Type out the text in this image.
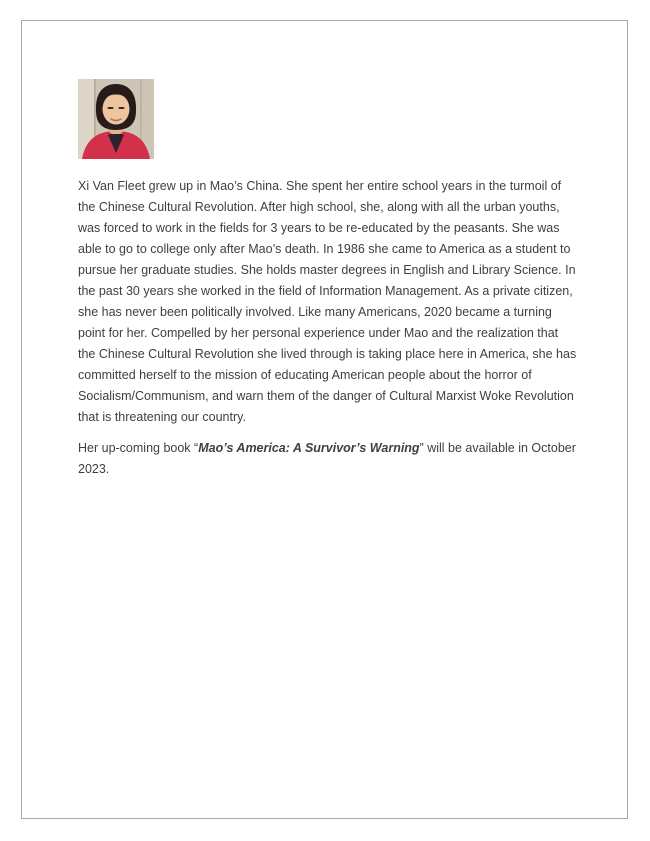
Xi Van Fleet grew up in Mao’s China. She spent her entire school years in the turmoil of the Chinese Cultural Revolution. After high school, she, along with all the urban youths, was forced to work in the fields for 3 years to be re-educated by the peasants. She was able to go to college only after Mao’s death. In 1986 she came to America as a student to pursue her graduate studies. She holds master degrees in English and Library Science. In the past 30 years she worked in the field of Information Management. As a private citizen, she has never been politically involved. Like many Americans, 2020 became a turning point for her. Compelled by her personal experience under Mao and the realization that the Chinese Cultural Revolution she lived through is taking place here in America, she has committed herself to the mission of educating American people about the horror of Socialism/Communism, and warn them of the danger of Cultural Marxist Woke Revolution that is threatening our country.

Her up-coming book “Mao’s America: A Survivor’s Warning” will be available in October 2023.
